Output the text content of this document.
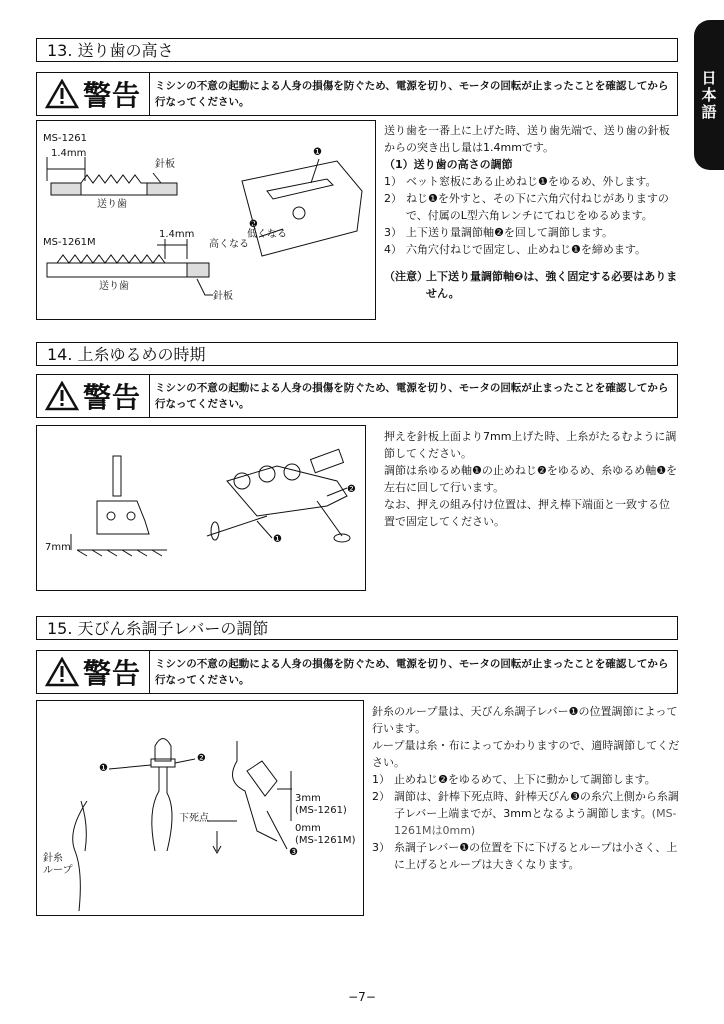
日本語
13. 送り歯の高さ
警告 ミシンの不意の起動による人身の損傷を防ぐため、電源を切り、モータの回転が止まったことを確認してから行なってください。
MS-1261
1.4mm
針板
送り歯
MS-1261M
1.4mm
送り歯
針板
高くなる
低くなる
❶
❷

送り歯を一番上に上げた時、送り歯先端で、送り歯の針板からの突き出し量は1.4mmです。

（1）送り歯の高さの調節

1） ベット窓板にある止めねじ❶をゆるめ、外します。
2） ねじ❶を外すと、その下に六角穴付ねじがありますので、付属のL型六角レンチにてねじをゆるめます。
3） 上下送り量調節軸❷を回して調節します。
4） 六角穴付ねじで固定し、止めねじ❶を締めます。
（注意）
上下送り量調節軸❷は、強く固定する必要はありません。
14. 上糸ゆるめの時期
警告 ミシンの不意の起動による人身の損傷を防ぐため、電源を切り、モータの回転が止まったことを確認してから行なってください。
7mm
❶
❷

押えを針板上面より7mm上げた時、上糸がたるむように調節してください。

調節は糸ゆるめ軸❶の止めねじ❷をゆるめ、糸ゆるめ軸❶を左右に回して行います。

なお、押えの組み付け位置は、押え棒下端面と一致する位置で固定してください。

15. 天びん糸調子レバーの調節
警告 ミシンの不意の起動による人身の損傷を防ぐため、電源を切り、モータの回転が止まったことを確認してから行なってください。
❶
❷
❸
下死点
3mm
(MS-1261)
0mm
(MS-1261M)
針糸
ループ

針糸のループ量は、天びん糸調子レバー❶の位置調節によって行います。

ループ量は糸・布によってかわりますので、適時調節してください。

1） 止めねじ❷をゆるめて、上下に動かして調節します。
2） 調節は、針棒下死点時、針棒天びん❸の糸穴上側から糸調子レバー上端までが、3mmとなるよう調節します。(MS-1261Mは0mm)
3） 糸調子レバー❶の位置を下に下げるとループは小さく、上に上げるとループは大きくなります。
−7−
